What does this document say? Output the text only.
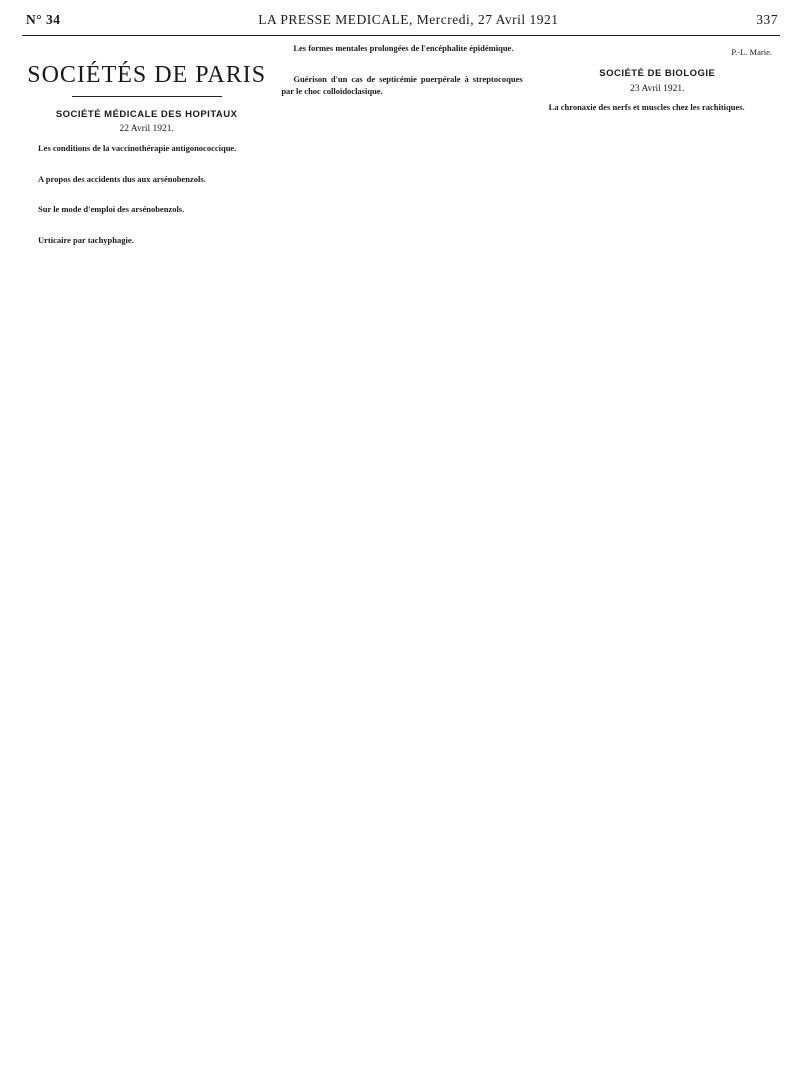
N° 34	LA PRESSE MEDICALE, Mercredi, 27 Avril 1921	337
SOCIÉTÉS DE PARIS
SOCIÉTÉ MÉDICALE DES HOPITAUX
22 Avril 1921.

Les conditions de la vaccinothérapie antigonococcique.

A propos des accidents dus aux arsénobenzols.

Sur le mode d'emploi des arsénobenzols.

Urticaire par tachyphagie.

Les formes mentales prolongées de l'encéphalite épidémique.

Guérison d'un cas de septicémie puerpérale à streptocoques par le choc colloïdoclasique.

P.-L. Marie.
SOCIÉTÉ DE BIOLOGIE
23 Avril 1921.

La chronaxie des nerfs et muscles chez les rachitiques.
